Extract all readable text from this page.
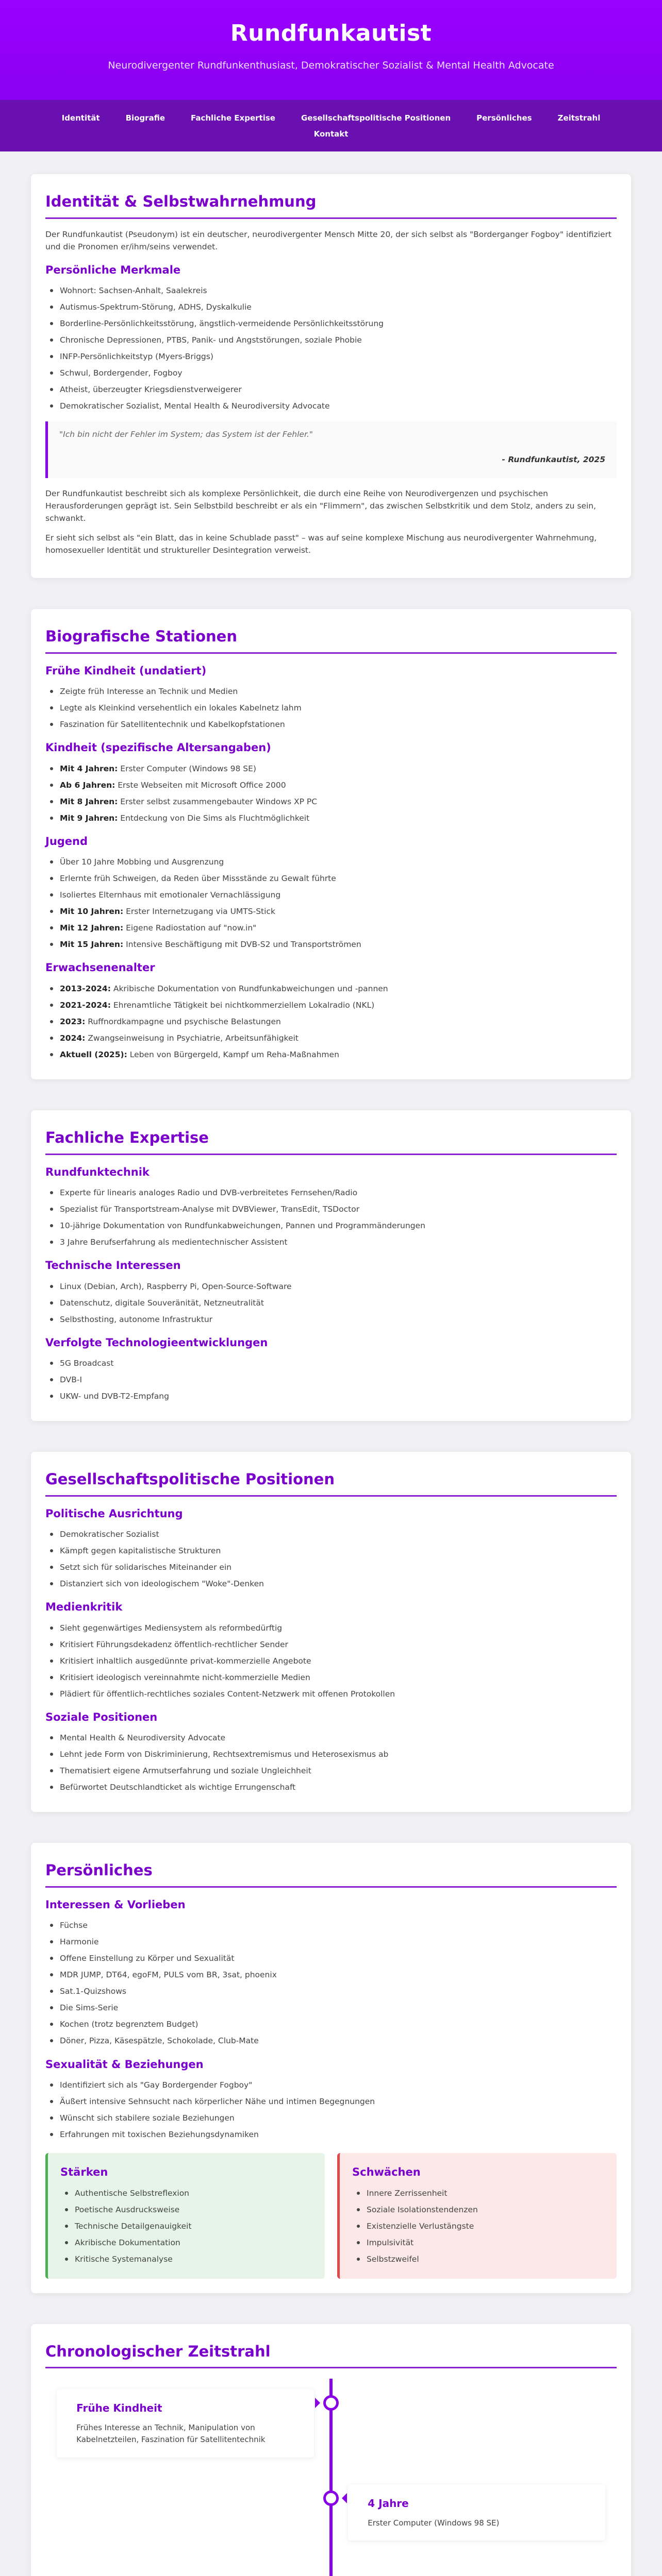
Rundfunkautist

Neurodivergenter Rundfunkenthusiast, Demokratischer Sozialist & Mental Health Advocate

Identität	Biografie	Fachliche Expertise	Gesellschaftspolitische Positionen	Persönliches	Zeitstrahl
Kontakt
Identität & Selbstwahrnehmung

Der Rundfunkautist (Pseudonym) ist ein deutscher, neurodivergenter Mensch Mitte 20, der sich selbst als "Borderganger Fogboy" identifiziert und die Pronomen er/ihm/seins verwendet.

Persönliche Merkmale
Wohnort: Sachsen-Anhalt, Saalekreis
Autismus-Spektrum-Störung, ADHS, Dyskalkulie
Borderline-Persönlichkeitsstörung, ängstlich-vermeidende Persönlichkeitsstörung
Chronische Depressionen, PTBS, Panik- und Angststörungen, soziale Phobie
INFP-Persönlichkeitstyp (Myers-Briggs)
Schwul, Bordergender, Fogboy
Atheist, überzeugter Kriegsdienstverweigerer
Demokratischer Sozialist, Mental Health & Neurodiversity Advocate
"Ich bin nicht der Fehler im System; das System ist der Fehler."
- Rundfunkautist, 2025

Der Rundfunkautist beschreibt sich als komplexe Persönlichkeit, die durch eine Reihe von Neurodivergenzen und psychischen Herausforderungen geprägt ist. Sein Selbstbild beschreibt er als ein "Flimmern", das zwischen Selbstkritik und dem Stolz, anders zu sein, schwankt.

Er sieht sich selbst als "ein Blatt, das in keine Schublade passt" – was auf seine komplexe Mischung aus neurodivergenter Wahrnehmung, homosexueller Identität und struktureller Desintegration verweist.

Biografische Stationen
Frühe Kindheit (undatiert)
Zeigte früh Interesse an Technik und Medien
Legte als Kleinkind versehentlich ein lokales Kabelnetz lahm
Faszination für Satellitentechnik und Kabelkopfstationen
Kindheit (spezifische Altersangaben)
Mit 4 Jahren: Erster Computer (Windows 98 SE)
Ab 6 Jahren: Erste Webseiten mit Microsoft Office 2000
Mit 8 Jahren: Erster selbst zusammengebauter Windows XP PC
Mit 9 Jahren: Entdeckung von Die Sims als Fluchtmöglichkeit
Jugend
Über 10 Jahre Mobbing und Ausgrenzung
Erlernte früh Schweigen, da Reden über Missstände zu Gewalt führte
Isoliertes Elternhaus mit emotionaler Vernachlässigung
Mit 10 Jahren: Erster Internetzugang via UMTS-Stick
Mit 12 Jahren: Eigene Radiostation auf "now.in"
Mit 15 Jahren: Intensive Beschäftigung mit DVB-S2 und Transportströmen
Erwachsenenalter
2013-2024: Akribische Dokumentation von Rundfunkabweichungen und -pannen
2021-2024: Ehrenamtliche Tätigkeit bei nichtkommerziellem Lokalradio (NKL)
2023: Ruffnordkampagne und psychische Belastungen
2024: Zwangseinweisung in Psychiatrie, Arbeitsunfähigkeit
Aktuell (2025): Leben von Bürgergeld, Kampf um Reha-Maßnahmen
Fachliche Expertise
Rundfunktechnik
Experte für linearis analoges Radio und DVB-verbreitetes Fernsehen/Radio
Spezialist für Transportstream-Analyse mit DVBViewer, TransEdit, TSDoctor
10-jährige Dokumentation von Rundfunkabweichungen, Pannen und Programmänderungen
3 Jahre Berufserfahrung als medientechnischer Assistent
Technische Interessen
Linux (Debian, Arch), Raspberry Pi, Open-Source-Software
Datenschutz, digitale Souveränität, Netzneutralität
Selbsthosting, autonome Infrastruktur
Verfolgte Technologieentwicklungen
5G Broadcast
DVB-I
UKW- und DVB-T2-Empfang
Gesellschaftspolitische Positionen
Politische Ausrichtung
Demokratischer Sozialist
Kämpft gegen kapitalistische Strukturen
Setzt sich für solidarisches Miteinander ein
Distanziert sich von ideologischem "Woke"-Denken
Medienkritik
Sieht gegenwärtiges Mediensystem als reformbedürftig
Kritisiert Führungsdekadenz öffentlich-rechtlicher Sender
Kritisiert inhaltlich ausgedünnte privat-kommerzielle Angebote
Kritisiert ideologisch vereinnahmte nicht-kommerzielle Medien
Plädiert für öffentlich-rechtliches soziales Content-Netzwerk mit offenen Protokollen
Soziale Positionen
Mental Health & Neurodiversity Advocate
Lehnt jede Form von Diskriminierung, Rechtsextremismus und Heterosexismus ab
Thematisiert eigene Armutserfahrung und soziale Ungleichheit
Befürwortet Deutschlandticket als wichtige Errungenschaft
Persönliches
Interessen & Vorlieben
Füchse
Harmonie
Offene Einstellung zu Körper und Sexualität
MDR JUMP, DT64, egoFM, PULS vom BR, 3sat, phoenix
Sat.1-Quizshows
Die Sims-Serie
Kochen (trotz begrenztem Budget)
Döner, Pizza, Käsespätzle, Schokolade, Club-Mate
Sexualität & Beziehungen
Identifiziert sich als "Gay Bordergender Fogboy"
Äußert intensive Sehnsucht nach körperlicher Nähe und intimen Begegnungen
Wünscht sich stabilere soziale Beziehungen
Erfahrungen mit toxischen Beziehungsdynamiken
Stärken
Authentische Selbstreflexion
Poetische Ausdrucksweise
Technische Detailgenauigkeit
Akribische Dokumentation
Kritische Systemanalyse
Schwächen
Innere Zerrissenheit
Soziale Isolationstendenzen
Existenzielle Verlustängste
Impulsivität
Selbstzweifel
Chronologischer Zeitstrahl
Frühe Kindheit

Frühes Interesse an Technik, Manipulation von Kabelnetzteilen, Faszination für Satellitentechnik

4 Jahre

Erster Computer (Windows 98 SE)
